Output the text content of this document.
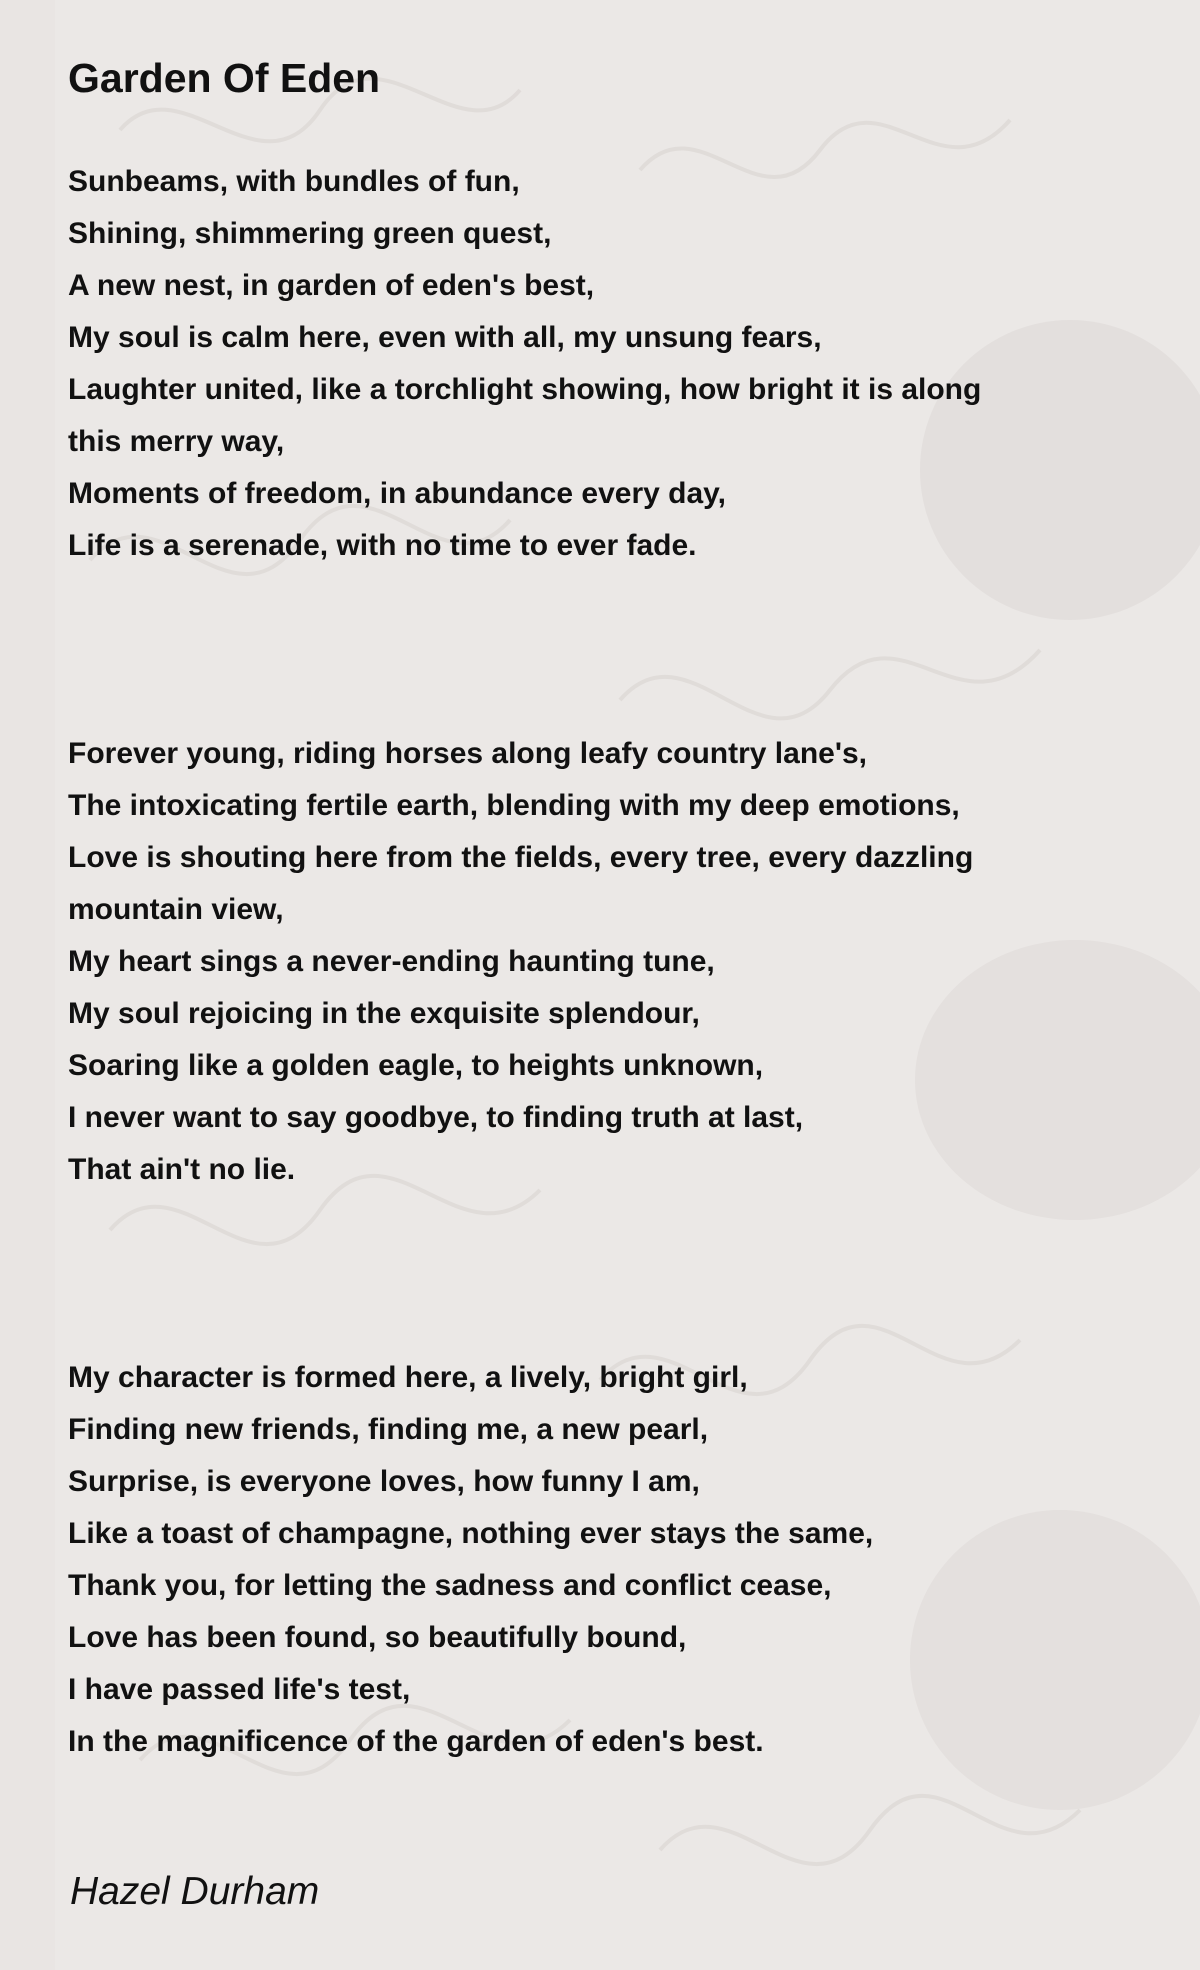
Garden Of Eden
Sunbeams, with bundles of fun,
Shining, shimmering green quest,
A new nest, in garden of eden's best,
My soul is calm here, even with all, my unsung fears,
Laughter united, like a torchlight showing, how bright it is along
this merry way,
Moments of freedom, in abundance every day,
Life is a serenade, with no time to ever fade.
Forever young, riding horses along leafy country lane's,
The intoxicating fertile earth, blending with my deep emotions,
Love is shouting here from the fields, every tree, every dazzling
mountain view,
My heart sings a never-ending haunting tune,
My soul rejoicing in the exquisite splendour,
Soaring like a golden eagle, to heights unknown,
I never want to say goodbye, to finding truth at last,
That ain't no lie.
My character is formed here, a lively, bright girl,
Finding new friends, finding me, a new pearl,
Surprise, is everyone loves, how funny I am,
Like a toast of champagne, nothing ever stays the same,
Thank you, for letting the sadness and conflict cease,
Love has been found, so beautifully bound,
I have passed life's test,
In the magnificence of the garden of eden's best.
Hazel Durham
